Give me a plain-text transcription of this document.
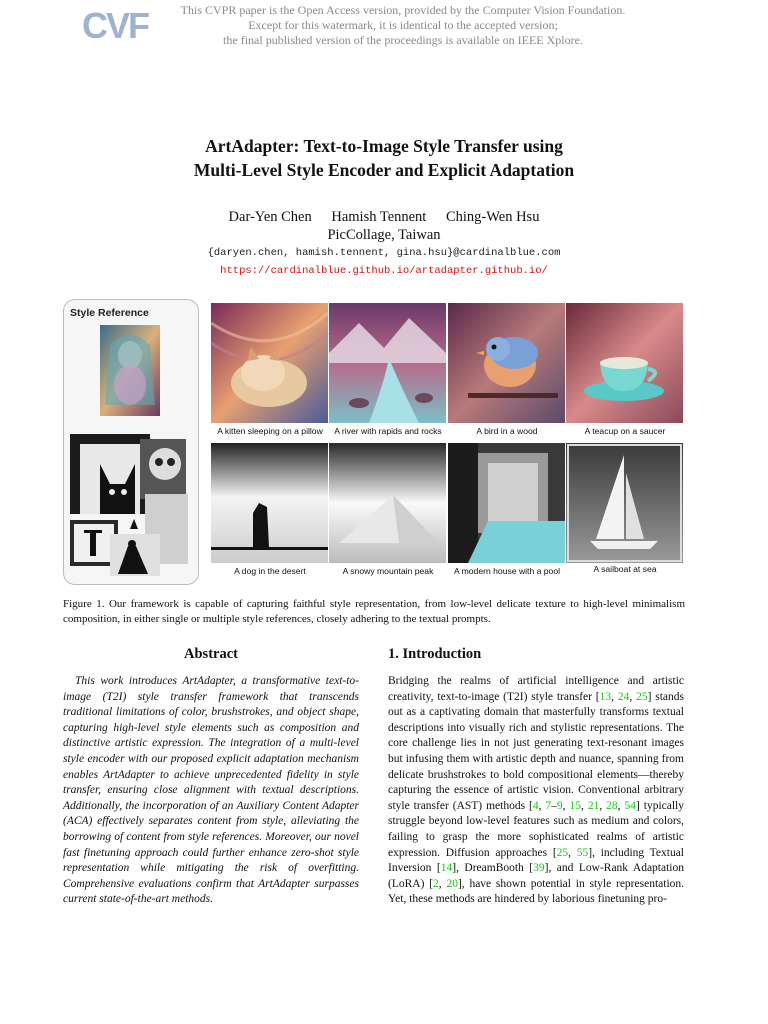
CVF	This CVPR paper is the Open Access version, provided by the Computer Vision Foundation.
Except for this watermark, it is identical to the accepted version;
the final published version of the proceedings is available on IEEE Xplore.
ArtAdapter: Text-to-Image Style Transfer using
Multi-Level Style Encoder and Explicit Adaptation
Dar-Yen Chen Hamish Tennent Ching-Wen Hsu
PicCollage, Taiwan
{daryen.chen, hamish.tennent, gina.hsu}@cardinalblue.com
https://cardinalblue.github.io/artadapter.github.io/
Style Reference
A kitten sleeping on a pillow	A river with rapids and rocks	A bird in a wood	A teacup on a saucer
A dog in the desert	A snowy mountain peak	A modern house with a pool	A sailboat at sea
Figure 1. Our framework is capable of capturing faithful style representation, from low-level delicate texture to high-level minimalism composition, in either single or multiple style references, closely adhering to the textual prompts.
Abstract

This work introduces ArtAdapter, a transformative text-to-image (T2I) style transfer framework that transcends traditional limitations of color, brushstrokes, and object shape, capturing high-level style elements such as composition and distinctive artistic expression. The integration of a multi-level style encoder with our proposed explicit adaptation mechanism enables ArtAdapter to achieve unprecedented fidelity in style transfer, ensuring close alignment with textual descriptions. Additionally, the incorporation of an Auxiliary Content Adapter (ACA) effectively separates content from style, alleviating the borrowing of content from style references. Moreover, our novel fast finetuning approach could further enhance zero-shot style representation while mitigating the risk of overfitting. Comprehensive evaluations confirm that ArtAdapter surpasses current state-of-the-art methods.

1. Introduction

Bridging the realms of artificial intelligence and artistic creativity, text-to-image (T2I) style transfer [13, 24, 25] stands out as a captivating domain that masterfully transforms textual descriptions into visually rich and stylistic representations. The core challenge lies in not just generating text-resonant images but infusing them with artistic depth and nuance, spanning from delicate brushstrokes to bold compositional elements—thereby capturing the essence of artistic vision. Conventional arbitrary style transfer (AST) methods [4, 7–9, 15, 21, 28, 54] typically struggle beyond low-level features such as medium and colors, failing to grasp the more sophisticated realms of artistic expression. Diffusion approaches [25, 55], including Textual Inversion [14], DreamBooth [39], and Low-Rank Adaptation (LoRA) [2, 20], have shown potential in style representation. Yet, these methods are hindered by laborious finetuning pro-
